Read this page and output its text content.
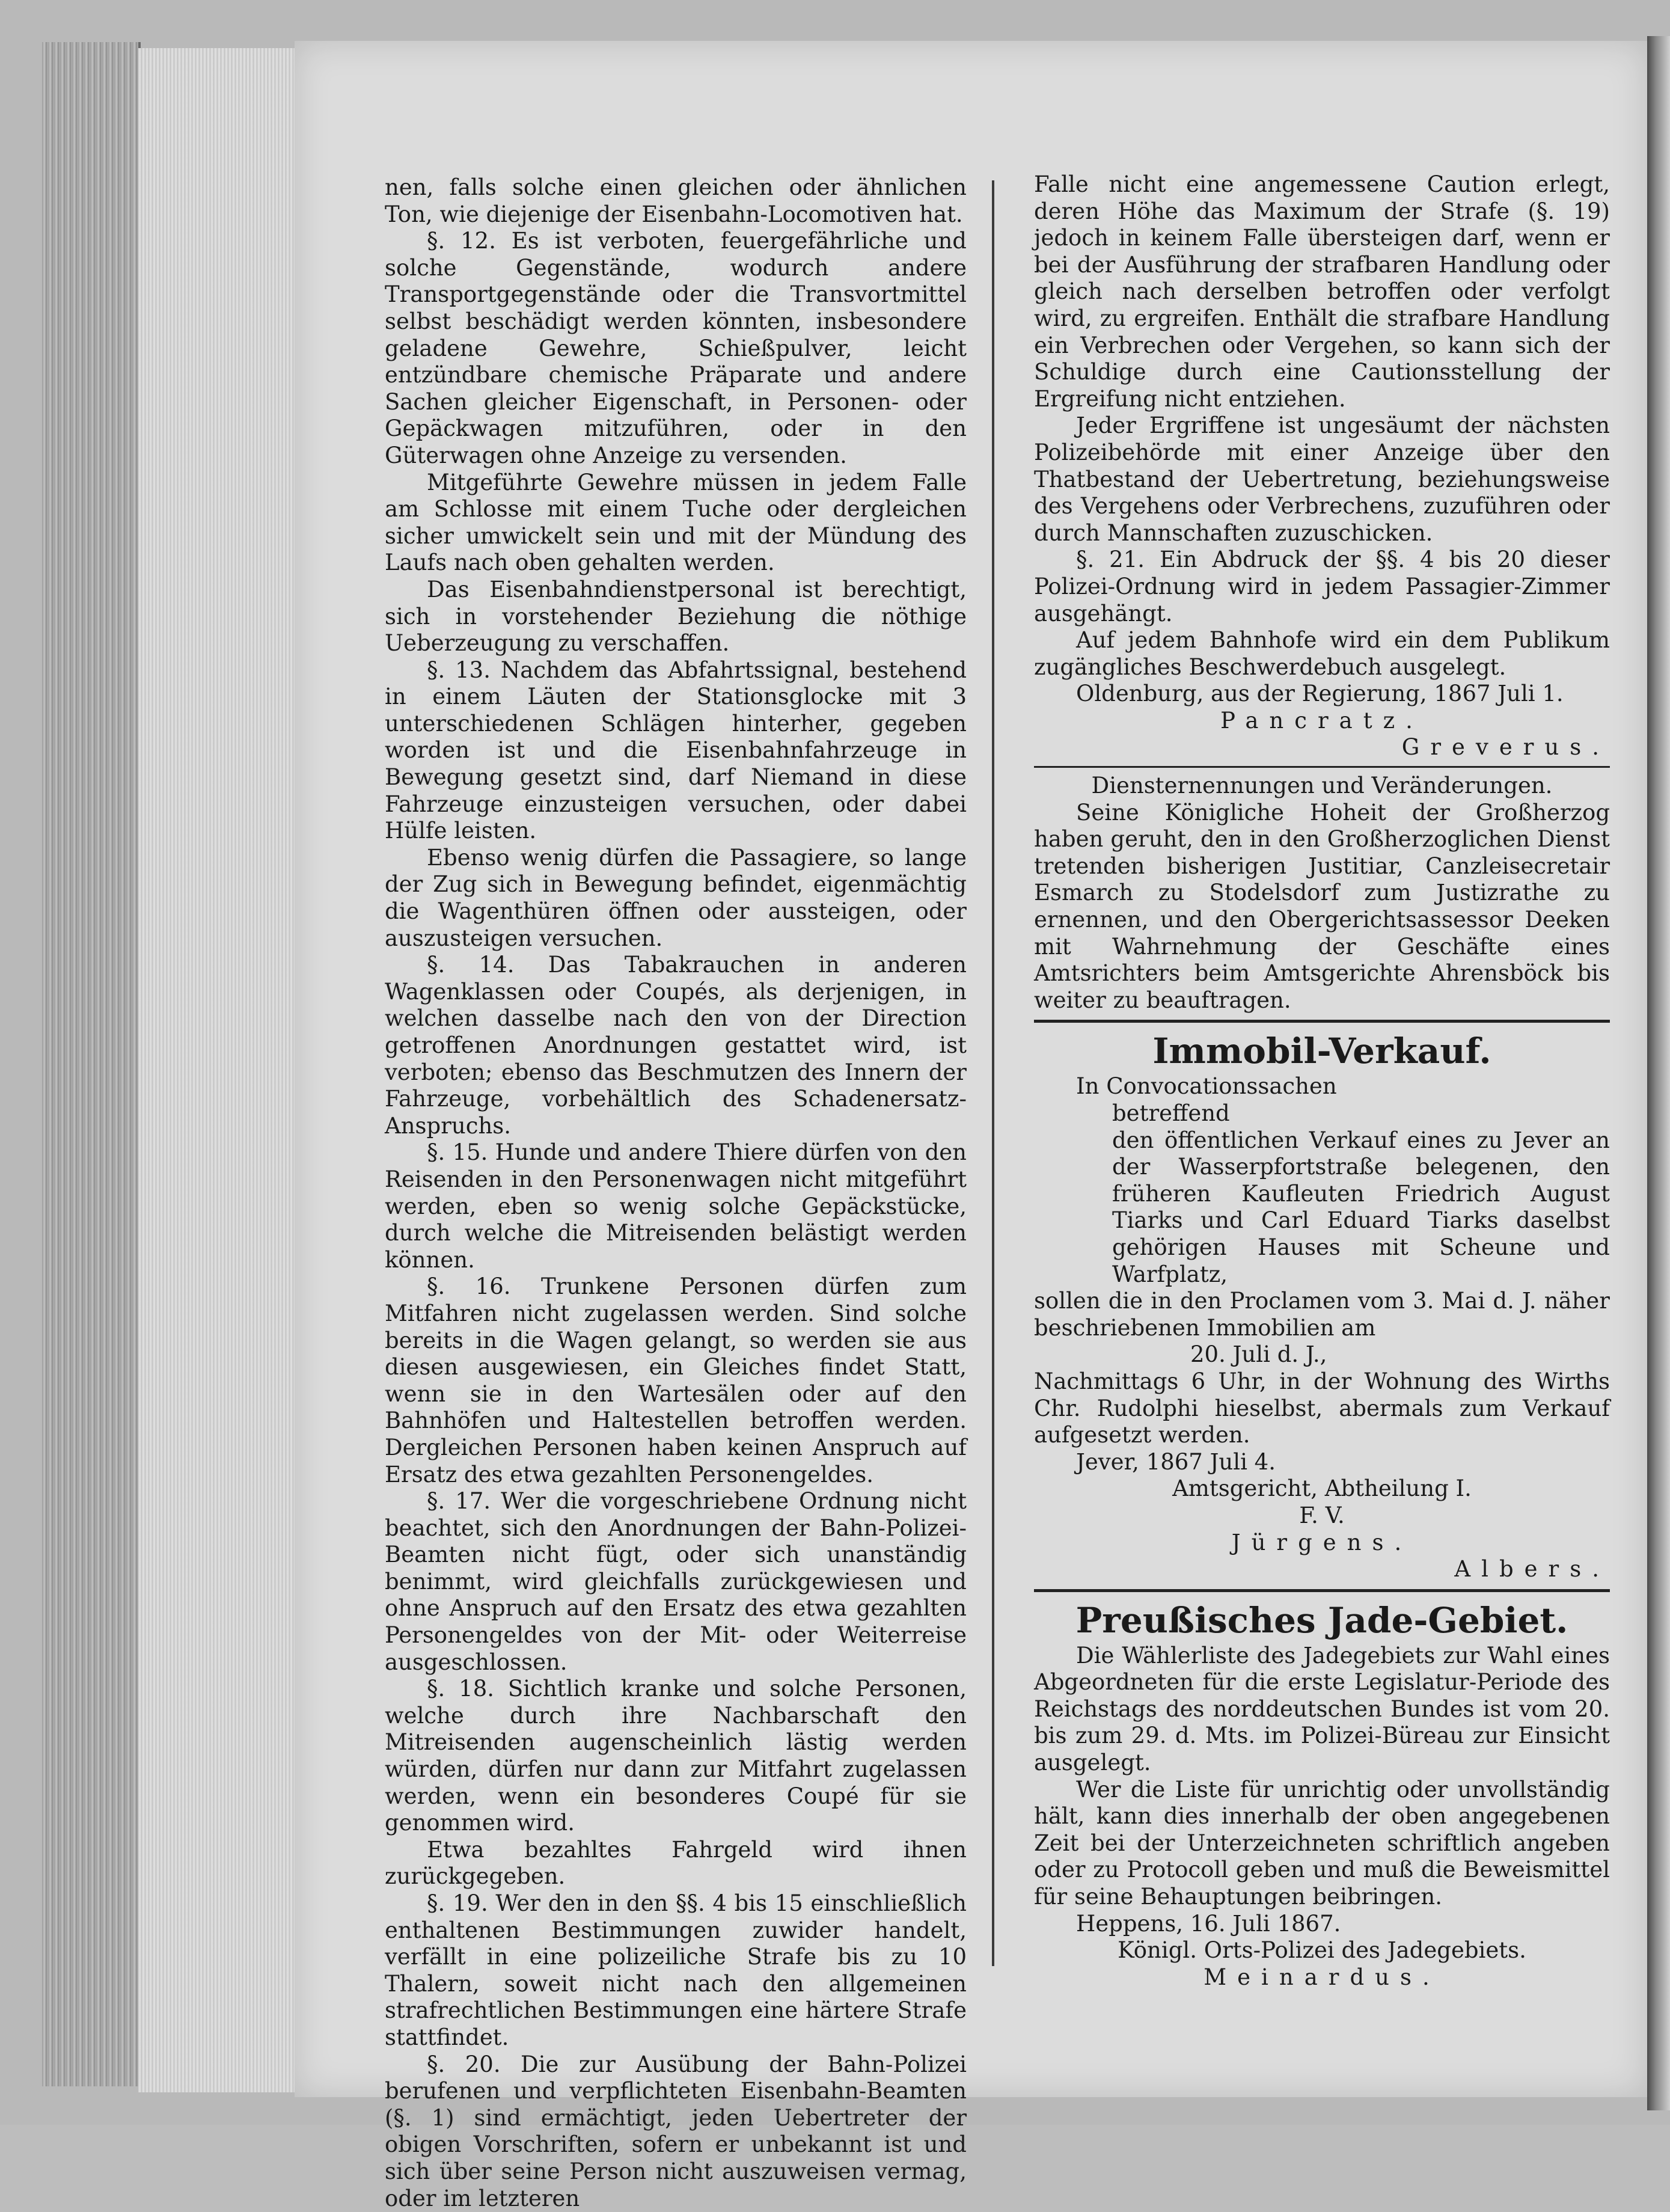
nen, falls solche einen gleichen oder ähnlichen Ton, wie diejenige der Eisenbahn-Locomotiven hat.

§. 12. Es ist verboten, feuergefährliche und solche Gegenstände, wodurch andere Transportgegenstände oder die Transvortmittel selbst beschädigt werden könnten, insbesondere geladene Gewehre, Schießpulver, leicht entzündbare chemische Präparate und andere Sachen gleicher Eigenschaft, in Personen- oder Gepäckwagen mitzuführen, oder in den Güterwagen ohne Anzeige zu versenden.

Mitgeführte Gewehre müssen in jedem Falle am Schlosse mit einem Tuche oder dergleichen sicher umwickelt sein und mit der Mündung des Laufs nach oben gehalten werden.

Das Eisenbahndienstpersonal ist berechtigt, sich in vorstehender Beziehung die nöthige Ueberzeugung zu verschaffen.

§. 13. Nachdem das Abfahrtssignal, bestehend in einem Läuten der Stationsglocke mit 3 unterschiedenen Schlägen hinterher, gegeben worden ist und die Eisenbahnfahrzeuge in Bewegung gesetzt sind, darf Niemand in diese Fahrzeuge einzusteigen versuchen, oder dabei Hülfe leisten.

Ebenso wenig dürfen die Passagiere, so lange der Zug sich in Bewegung befindet, eigenmächtig die Wagenthüren öffnen oder aussteigen, oder auszusteigen versuchen.

§. 14. Das Tabakrauchen in anderen Wagenklassen oder Coupés, als derjenigen, in welchen dasselbe nach den von der Direction getroffenen Anordnungen gestattet wird, ist verboten; ebenso das Beschmutzen des Innern der Fahrzeuge, vorbehältlich des Schadenersatz-Anspruchs.

§. 15. Hunde und andere Thiere dürfen von den Reisenden in den Personenwagen nicht mitgeführt werden, eben so wenig solche Gepäckstücke, durch welche die Mitreisenden belästigt werden können.

§. 16. Trunkene Personen dürfen zum Mitfahren nicht zugelassen werden. Sind solche bereits in die Wagen gelangt, so werden sie aus diesen ausgewiesen, ein Gleiches findet Statt, wenn sie in den Wartesälen oder auf den Bahnhöfen und Haltestellen betroffen werden. Dergleichen Personen haben keinen Anspruch auf Ersatz des etwa gezahlten Personengeldes.

§. 17. Wer die vorgeschriebene Ordnung nicht beachtet, sich den Anordnungen der Bahn-Polizei-Beamten nicht fügt, oder sich unanständig benimmt, wird gleichfalls zurückgewiesen und ohne Anspruch auf den Ersatz des etwa gezahlten Personengeldes von der Mit- oder Weiterreise ausgeschlossen.

§. 18. Sichtlich kranke und solche Personen, welche durch ihre Nachbarschaft den Mitreisenden augenscheinlich lästig werden würden, dürfen nur dann zur Mitfahrt zugelassen werden, wenn ein besonderes Coupé für sie genommen wird.

Etwa bezahltes Fahrgeld wird ihnen zurückgegeben.

§. 19. Wer den in den §§. 4 bis 15 einschließlich enthaltenen Bestimmungen zuwider handelt, verfällt in eine polizeiliche Strafe bis zu 10 Thalern, soweit nicht nach den allgemeinen strafrechtlichen Bestimmungen eine härtere Strafe stattfindet.

§. 20. Die zur Ausübung der Bahn-Polizei berufenen und verpflichteten Eisenbahn-Beamten (§. 1) sind ermächtigt, jeden Uebertreter der obigen Vorschriften, sofern er unbekannt ist und sich über seine Person nicht auszuweisen vermag, oder im letzteren

Falle nicht eine angemessene Caution erlegt, deren Höhe das Maximum der Strafe (§. 19) jedoch in keinem Falle übersteigen darf, wenn er bei der Ausführung der strafbaren Handlung oder gleich nach derselben betroffen oder verfolgt wird, zu ergreifen. Enthält die strafbare Handlung ein Verbrechen oder Vergehen, so kann sich der Schuldige durch eine Cautionsstellung der Ergreifung nicht entziehen.

Jeder Ergriffene ist ungesäumt der nächsten Polizeibehörde mit einer Anzeige über den Thatbestand der Uebertretung, beziehungsweise des Vergehens oder Verbrechens, zuzuführen oder durch Mannschaften zuzuschicken.

§. 21. Ein Abdruck der §§. 4 bis 20 dieser Polizei-Ordnung wird in jedem Passagier-Zimmer ausgehängt.

Auf jedem Bahnhofe wird ein dem Publikum zugängliches Beschwerdebuch ausgelegt.

Oldenburg, aus der Regierung, 1867 Juli 1.

Pancratz.

Greverus.

Diensternennungen und Veränderungen.

Seine Königliche Hoheit der Großherzog haben geruht, den in den Großherzoglichen Dienst tretenden bisherigen Justitiar, Canzleisecretair Esmarch zu Stodelsdorf zum Justizrathe zu ernennen, und den Obergerichtsassessor Deeken mit Wahrnehmung der Geschäfte eines Amtsrichters beim Amtsgerichte Ahrensböck bis weiter zu beauftragen.

Immobil-Verkauf.

In Convocationssachen

betreffend

den öffentlichen Verkauf eines zu Jever an der Wasserpfortstraße belegenen, den früheren Kaufleuten Friedrich August Tiarks und Carl Eduard Tiarks daselbst gehörigen Hauses mit Scheune und Warfplatz,

sollen die in den Proclamen vom 3. Mai d. J. näher beschriebenen Immobilien am

20. Juli d. J.,

Nachmittags 6 Uhr, in der Wohnung des Wirths Chr. Rudolphi hieselbst, abermals zum Verkauf aufgesetzt werden.

Jever, 1867 Juli 4.

Amtsgericht, Abtheilung I.

F. V.

Jürgens.

Albers.

Preußisches Jade-Gebiet.

Die Wählerliste des Jadegebiets zur Wahl eines Abgeordneten für die erste Legislatur-Periode des Reichstags des norddeutschen Bundes ist vom 20. bis zum 29. d. Mts. im Polizei-Büreau zur Einsicht ausgelegt.

Wer die Liste für unrichtig oder unvollständig hält, kann dies innerhalb der oben angegebenen Zeit bei der Unterzeichneten schriftlich angeben oder zu Protocoll geben und muß die Beweismittel für seine Behauptungen beibringen.

Heppens, 16. Juli 1867.

Königl. Orts-Polizei des Jadegebiets.

Meinardus.
